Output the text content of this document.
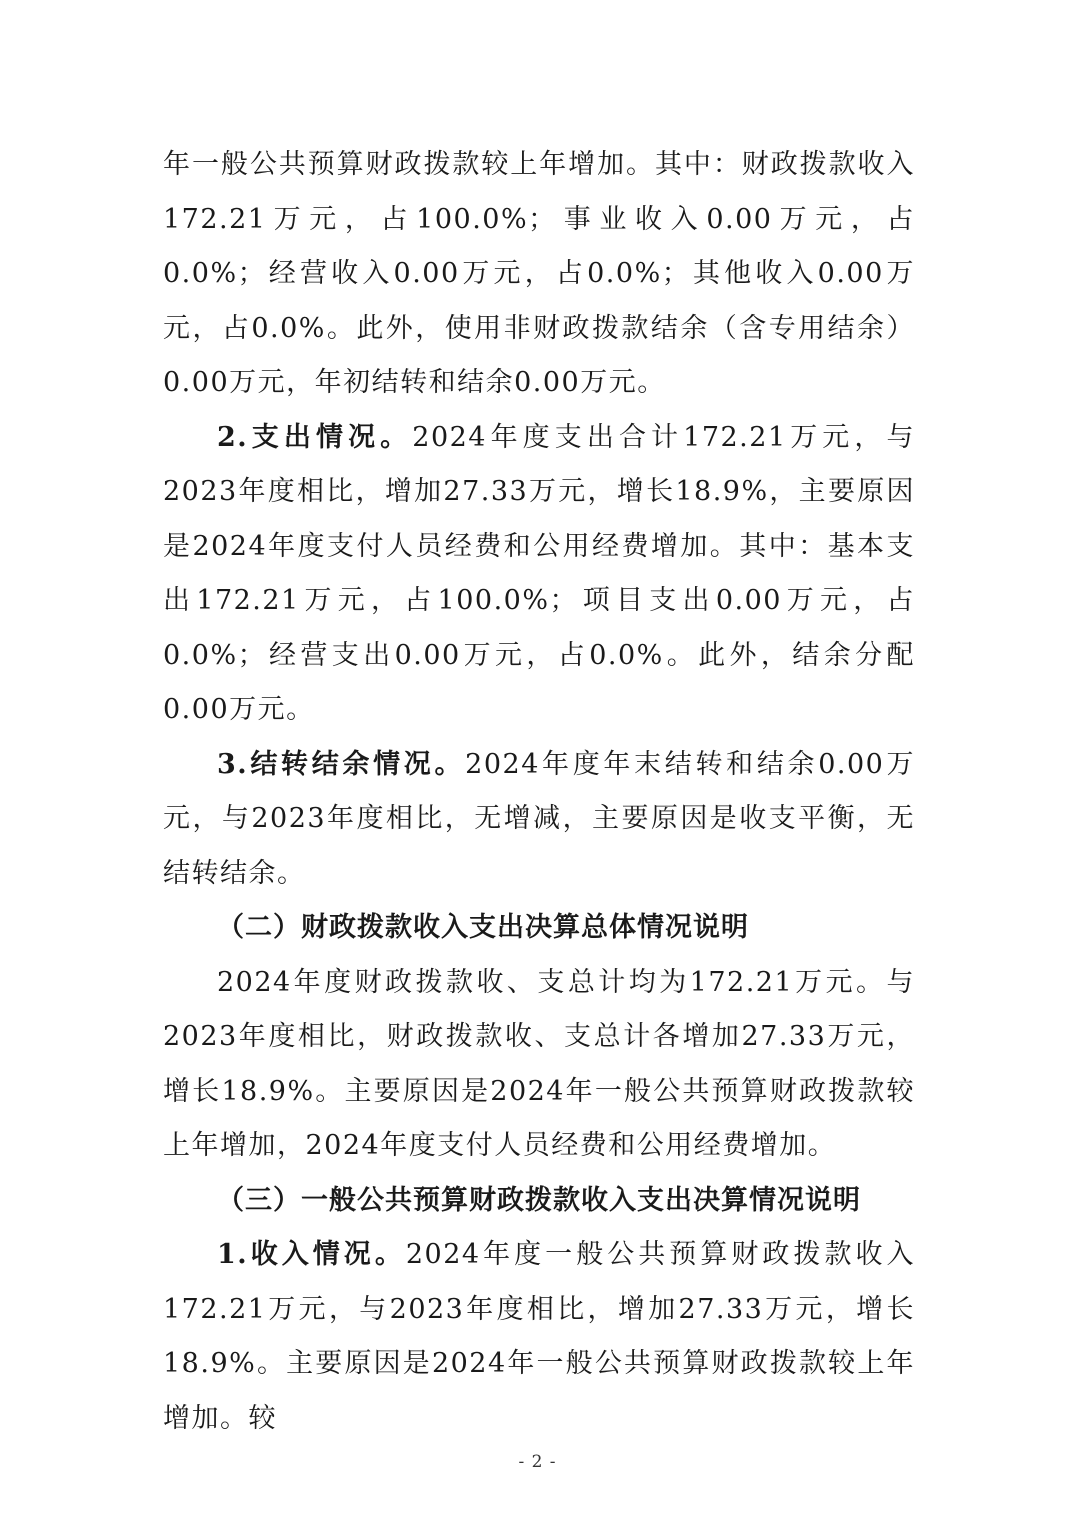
年一般公共预算财政拨款较上年增加。其中：财政拨款收入172.21万元，占100.0%；事业收入0.00万元，占0.0%；经营收入0.00万元，占0.0%；其他收入0.00万元，占0.0%。此外，使用非财政拨款结余（含专用结余）0.00万元，年初结转和结余0.00万元。

2.支出情况。2024年度支出合计172.21万元，与2023年度相比，增加27.33万元，增长18.9%，主要原因是2024年度支付人员经费和公用经费增加。其中：基本支出172.21万元，占100.0%；项目支出0.00万元，占0.0%；经营支出0.00万元，占0.0%。此外，结余分配0.00万元。

3.结转结余情况。2024年度年末结转和结余0.00万元，与2023年度相比，无增减，主要原因是收支平衡，无结转结余。

（二）财政拨款收入支出决算总体情况说明

2024年度财政拨款收、支总计均为172.21万元。与2023年度相比，财政拨款收、支总计各增加27.33万元，增长18.9%。主要原因是2024年一般公共预算财政拨款较上年增加，2024年度支付人员经费和公用经费增加。

（三）一般公共预算财政拨款收入支出决算情况说明

1.收入情况。2024年度一般公共预算财政拨款收入172.21万元，与2023年度相比，增加27.33万元，增长18.9%。主要原因是2024年一般公共预算财政拨款较上年增加。较

- 2 -
